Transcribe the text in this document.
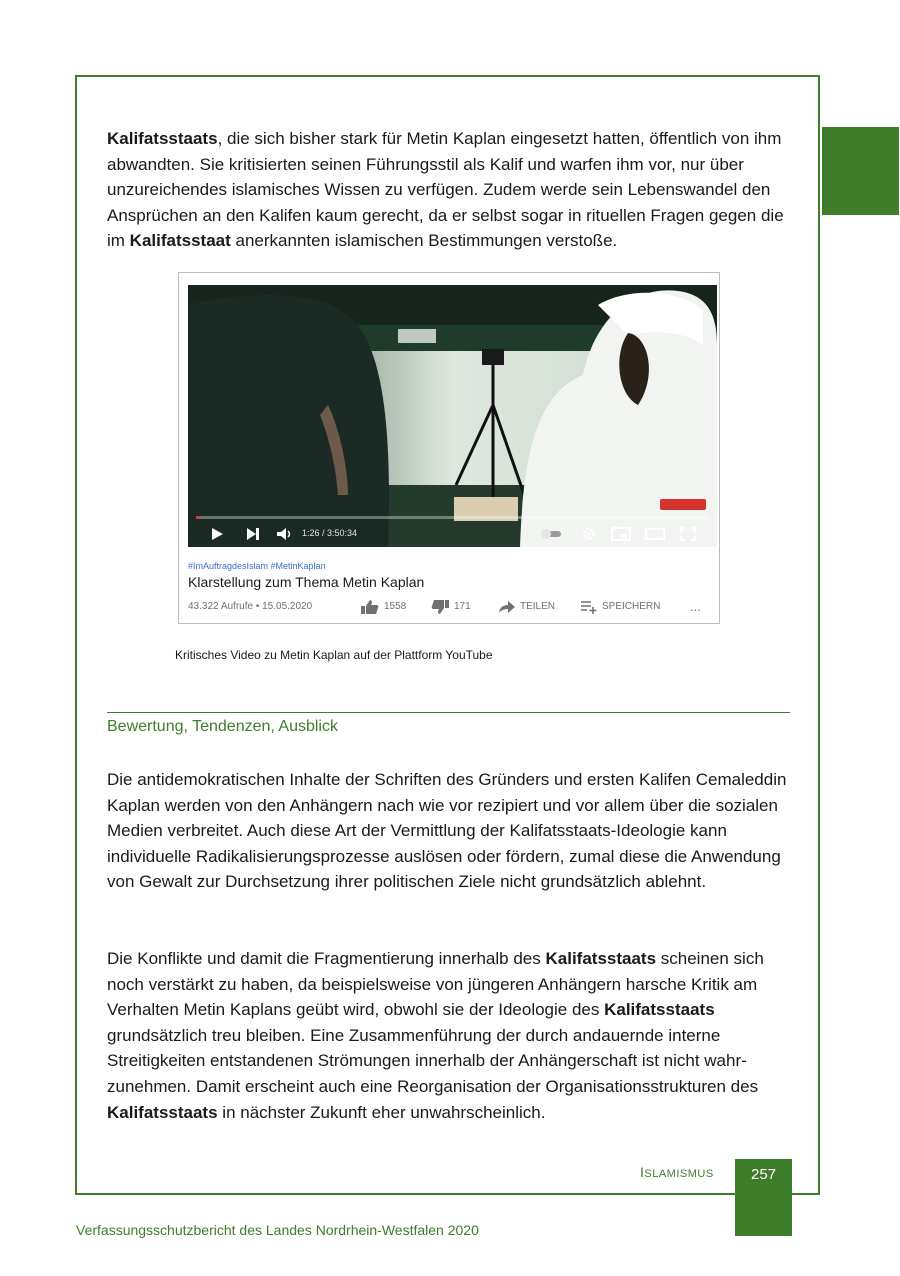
Kalifatsstaats, die sich bisher stark für Metin Kaplan eingesetzt hatten, öffentlich von ihm abwandten. Sie kritisierten seinen Führungsstil als Kalif und warfen ihm vor, nur über unzureichendes islamisches Wissen zu verfügen. Zudem werde sein Lebenswandel den Ansprüchen an den Kalifen kaum gerecht, da er selbst sogar in rituellen Fragen gegen die im Kalifatsstaat anerkannten islamischen Bestimmungen verstoße.

1:26 / 3:50:34
#ImAuftragdesIslam #MetinKaplan
Klarstellung zum Thema Metin Kaplan
43.322 Aufrufe • 15.05.2020	1558	171	TEILEN	SPEICHERN ...

Kritisches Video zu Metin Kaplan auf der Plattform YouTube

Bewertung, Tendenzen, Ausblick

Die antidemokratischen Inhalte der Schriften des Gründers und ersten Kalifen Cemaleddin Kaplan werden von den Anhängern nach wie vor rezipiert und vor allem über die sozialen Medien verbreitet. Auch diese Art der Vermittlung der Kalifatsstaats-Ideologie kann individuelle Radikalisierungsprozesse auslösen oder fördern, zumal diese die Anwendung von Gewalt zur Durchsetzung ihrer politischen Ziele nicht grundsätzlich ablehnt.

Die Konflikte und damit die Fragmentierung innerhalb des Kalifatsstaats scheinen sich noch verstärkt zu haben, da beispielsweise von jüngeren Anhängern harsche Kritik am Verhalten Metin Kaplans geübt wird, obwohl sie der Ideologie des Kalifatsstaats grundsätzlich treu bleiben. Eine Zusammenführung der durch andauernde interne Streitigkeiten entstandenen Strömungen innerhalb der Anhängerschaft ist nicht wahrzunehmen. Damit erscheint auch eine Reorganisation der Organisationsstrukturen des Kalifatsstaats in nächster Zukunft eher unwahrscheinlich.

ISLAMISMUS	257
Verfassungsschutzbericht des Landes Nordrhein-Westfalen 2020
